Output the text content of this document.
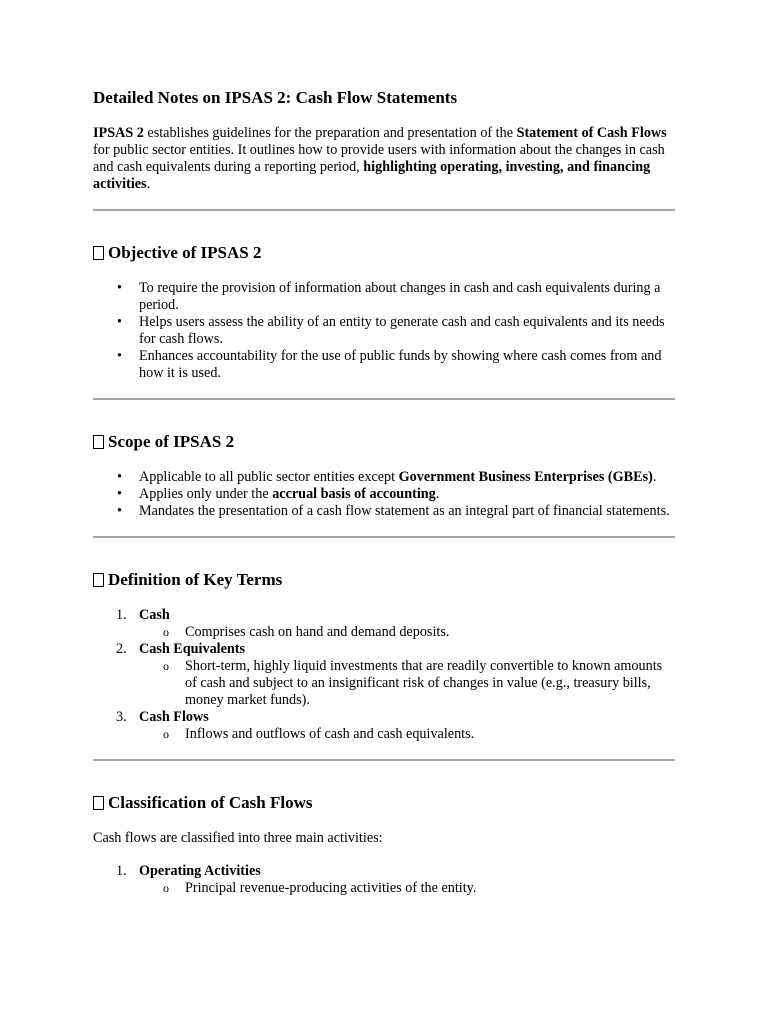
Detailed Notes on IPSAS 2: Cash Flow Statements

IPSAS 2 establishes guidelines for the preparation and presentation of the Statement of Cash Flows for public sector entities. It outlines how to provide users with information about the changes in cash and cash equivalents during a reporting period, highlighting operating, investing, and financing activities.

Objective of IPSAS 2
• To require the provision of information about changes in cash and cash equivalents during a period.
• Helps users assess the ability of an entity to generate cash and cash equivalents and its needs for cash flows.
• Enhances accountability for the use of public funds by showing where cash comes from and how it is used.
Scope of IPSAS 2
• Applicable to all public sector entities except Government Business Enterprises (GBEs).
• Applies only under the accrual basis of accounting.
• Mandates the presentation of a cash flow statement as an integral part of financial statements.
Definition of Key Terms
1. Cash
o Comprises cash on hand and demand deposits.
2. Cash Equivalents
o Short-term, highly liquid investments that are readily convertible to known amounts of cash and subject to an insignificant risk of changes in value (e.g., treasury bills, money market funds).
3. Cash Flows
o Inflows and outflows of cash and cash equivalents.
Classification of Cash Flows

Cash flows are classified into three main activities:

1. Operating Activities
o Principal revenue-producing activities of the entity.
